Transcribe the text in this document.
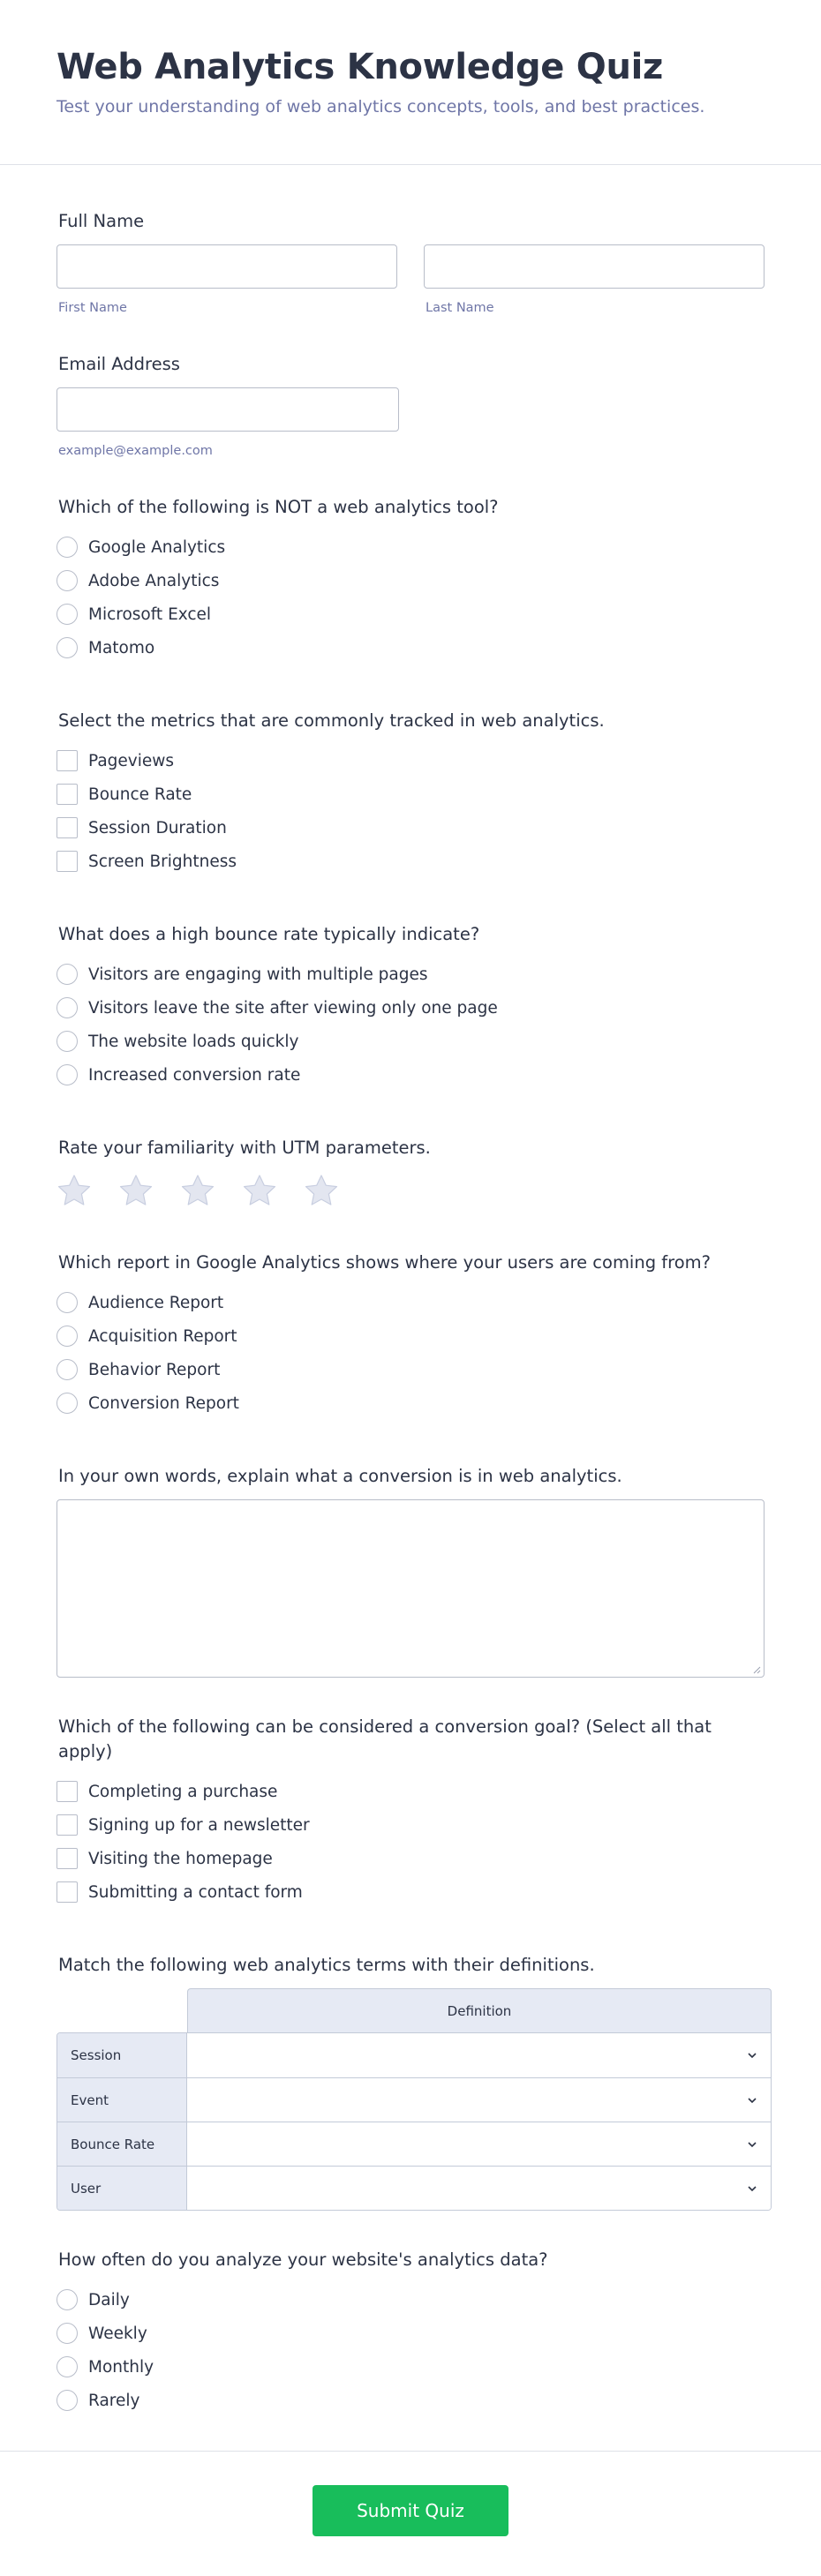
Web Analytics Knowledge Quiz

Test your understanding of web analytics concepts, tools, and best practices.

Full Name
First Name	Last Name
Email Address
example@example.com
Which of the following is NOT a web analytics tool?
Google Analytics
Adobe Analytics
Microsoft Excel
Matomo
Select the metrics that are commonly tracked in web analytics.
Pageviews
Bounce Rate
Session Duration
Screen Brightness
What does a high bounce rate typically indicate?
Visitors are engaging with multiple pages
Visitors leave the site after viewing only one page
The website loads quickly
Increased conversion rate
Rate your familiarity with UTM parameters.
Which report in Google Analytics shows where your users are coming from?
Audience Report
Acquisition Report
Behavior Report
Conversion Report
In your own words, explain what a conversion is in web analytics.
Which of the following can be considered a conversion goal? (Select all that apply)
Completing a purchase
Signing up for a newsletter
Visiting the homepage
Submitting a contact form
Match the following web analytics terms with their definitions.
Definition
Session
Event
Bounce Rate
User
How often do you analyze your website's analytics data?
Daily
Weekly
Monthly
Rarely
Submit Quiz
